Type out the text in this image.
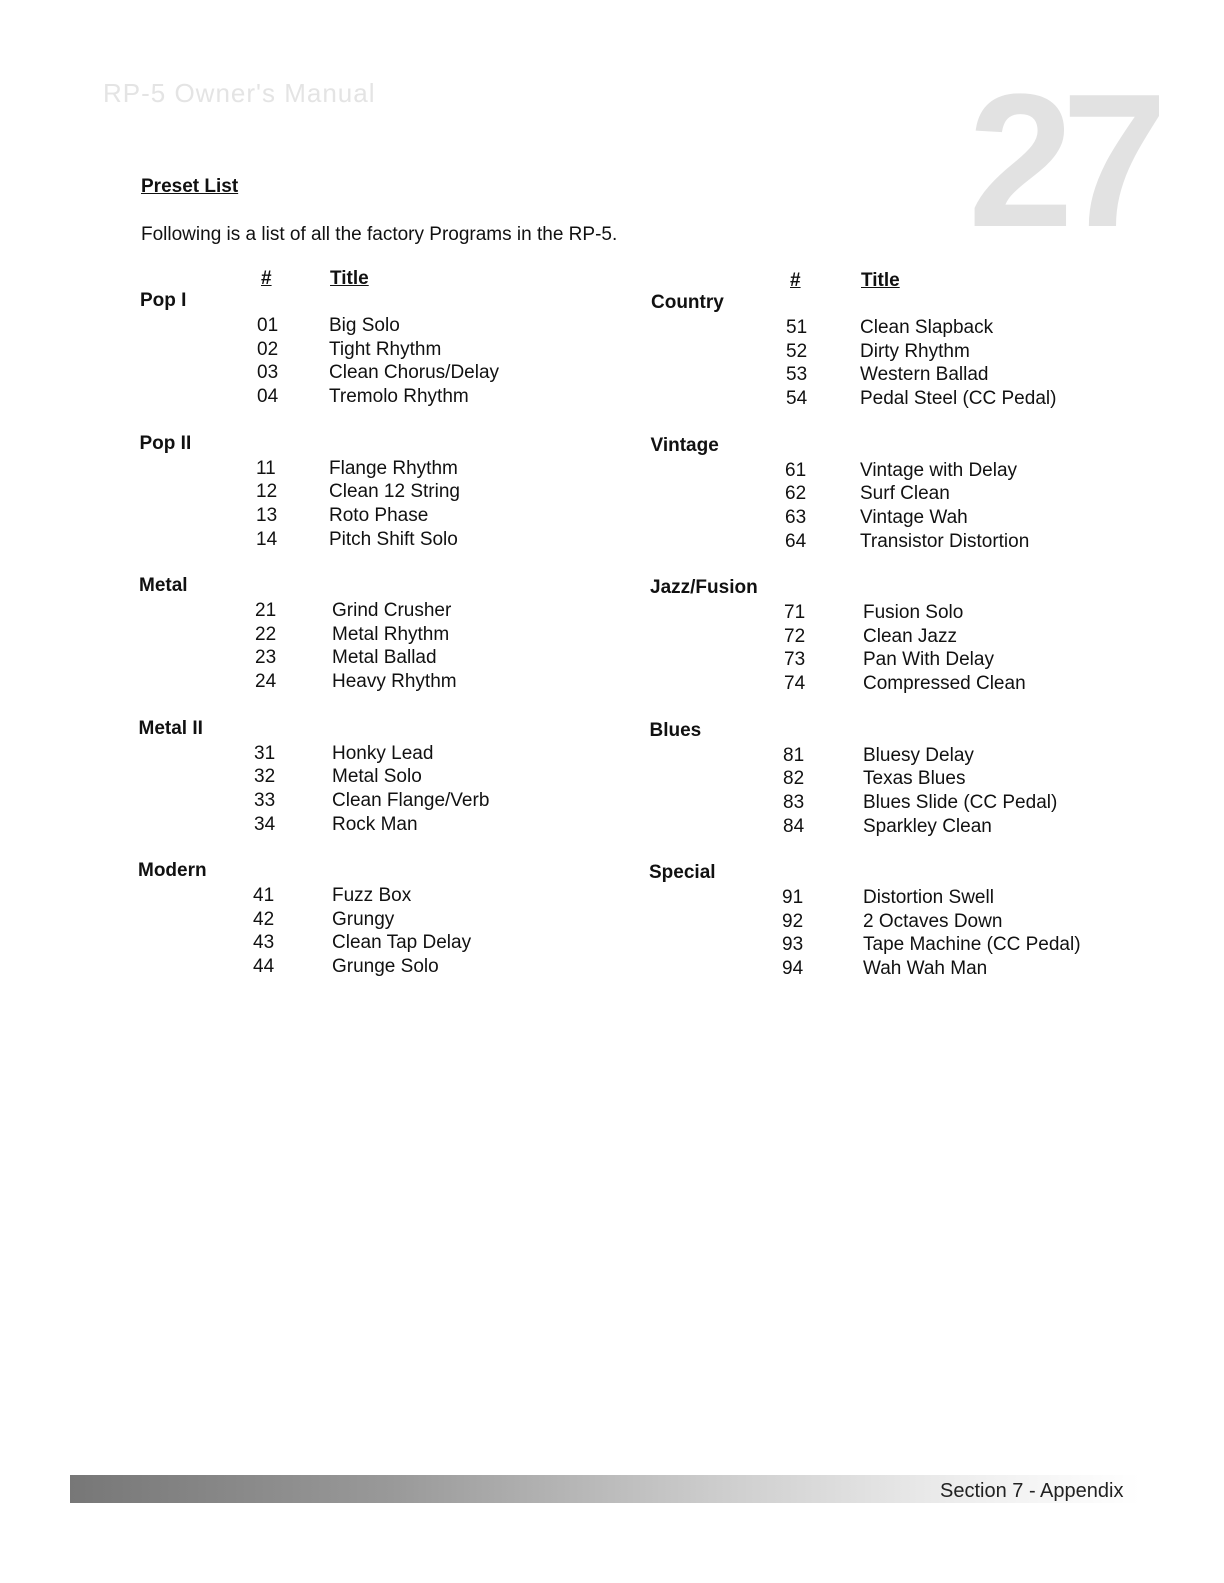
RP-5 Owner's Manual	27
Preset List
Following is a list of all the factory Programs in the RP-5.
#	Title
Pop I
01	Big Solo
02	Tight Rhythm
03	Clean Chorus/Delay
04	Tremolo Rhythm
Pop II
11	Flange Rhythm
12	Clean 12 String
13	Roto Phase
14	Pitch Shift Solo
Metal
21	Grind Crusher
22	Metal Rhythm
23	Metal Ballad
24	Heavy Rhythm
Metal II
31	Honky Lead
32	Metal Solo
33	Clean Flange/Verb
34	Rock Man
Modern
41	Fuzz Box
42	Grungy
43	Clean Tap Delay
44	Grunge Solo
#	Title
Country
51	Clean Slapback
52	Dirty Rhythm
53	Western Ballad
54	Pedal Steel (CC Pedal)
Vintage
61	Vintage with Delay
62	Surf Clean
63	Vintage Wah
64	Transistor Distortion
Jazz/Fusion
71	Fusion Solo
72	Clean Jazz
73	Pan With Delay
74	Compressed Clean
Blues
81	Bluesy Delay
82	Texas Blues
83	Blues Slide (CC Pedal)
84	Sparkley Clean
Special
91	Distortion Swell
92	2 Octaves Down
93	Tape Machine (CC Pedal)
94	Wah Wah Man
Section 7 - Appendix
